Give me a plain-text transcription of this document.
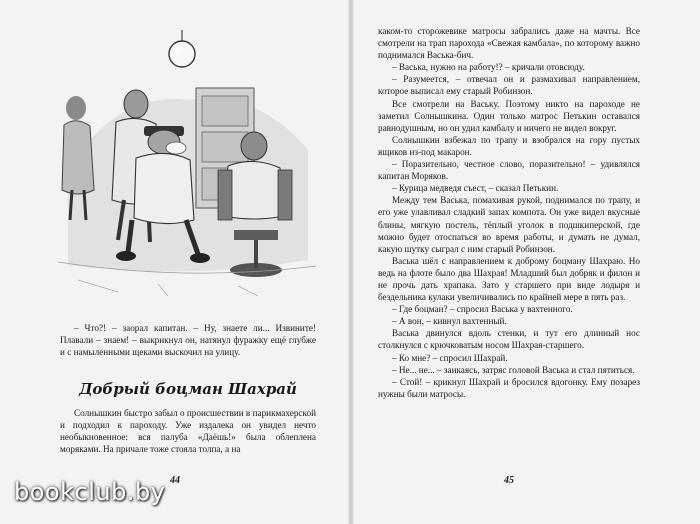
– Что?! – заорал капитан. – Ну, знаете ли... Извините! Плавали – знаем! – выкрикнул он, натянул фуражку ещё глубже и с намыленными щеками выскочил на улицу.

Добрый боцман Шахрай

Солнышкин быстро забыл о происшествии в парикмахерской и подходил к пароходу. Уже издалека он увидел нечто необыкновенное: вся палуба «Даёшь!» была облеплена моряками. На причале тоже стояла толпа, а на

44

каком-то сторожевике матросы забрались даже на мачты. Все смотрели на трап парохода «Свежая камбала», по которому важно поднимался Васька-бич.

– Васька, нужно на работу!? – кричали отовсюду.

– Разумеется, – отвечал он и размахивал направлением, которое выписал ему старый Робинзон.

Все смотрели на Ваську. Поэтому никто на пароходе не заметил Солнышкина. Один только матрос Петькин оставался равнодушным, но он удил камбалу и ничего не видел вокруг.

Солнышкин взбежал по трапу и взобрался на гору пустых ящиков из-под макарон.

– Поразительно, честное слово, поразительно! – удивлялся капитан Моряков.

– Курица медведя съест, – сказал Петькин.

Между тем Васька, помахивая рукой, поднимался по трапу, и его уже улавливал сладкий запах компота. Он уже видел вкусные блины, мягкую постель, тёплый уголок в подшкиперской, где можно будет отоспаться во время работы, и думать не думал, какую шутку сыграл с ним старый Робинзон.

Васька шёл с направлением к доброму боцману Шахраю. Но ведь на флоте было два Шахрая! Младший был добряк и филон и не прочь дать храпака. Зато у старшего при виде лодыря и бездельника кулаки увеличивались по крайней мере в пять раз.

– Где боцман? – спросил Васька у вахтенного.

– А вон, – кивнул вахтенный.

Васька двинулся вдоль стенки, и тут его длинный нос столкнулся с крючковатым носом Шахрая-старшего.

– Ко мне? – спросил Шахрай.

– Не... не... – заикаясь, затряс головой Васька и стал пятиться.

– Стой! – крикнул Шахрай и бросился вдогонку. Ему позарез нужны были матросы.

45
bookclub.by
